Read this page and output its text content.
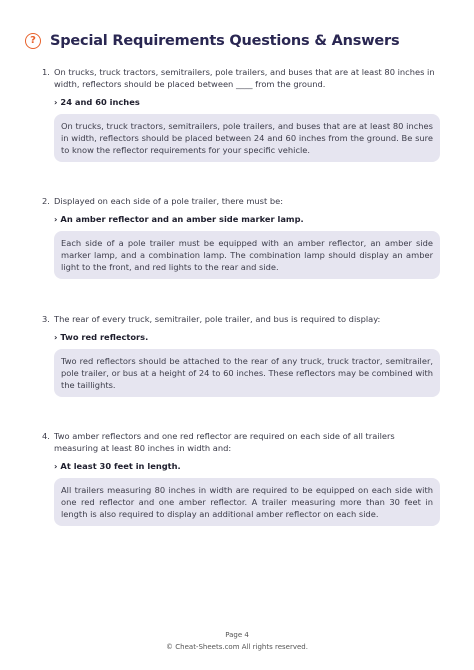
? Special Requirements Questions & Answers
1. On trucks, truck tractors, semitrailers, pole trailers, and buses that are at least 80 inches in width, reflectors should be placed between ____ from the ground.
› 24 and 60 inches
On trucks, truck tractors, semitrailers, pole trailers, and buses that are at least 80 inches in width, reflectors should be placed between 24 and 60 inches from the ground. Be sure to know the reflector requirements for your specific vehicle.
2. Displayed on each side of a pole trailer, there must be:
› An amber reflector and an amber side marker lamp.
Each side of a pole trailer must be equipped with an amber reflector, an amber side marker lamp, and a combination lamp. The combination lamp should display an amber light to the front, and red lights to the rear and side.
3. The rear of every truck, semitrailer, pole trailer, and bus is required to display:
› Two red reflectors.
Two red reflectors should be attached to the rear of any truck, truck tractor, semitrailer, pole trailer, or bus at a height of 24 to 60 inches. These reflectors may be combined with the taillights.
4. Two amber reflectors and one red reflector are required on each side of all trailers measuring at least 80 inches in width and:
› At least 30 feet in length.
All trailers measuring 80 inches in width are required to be equipped on each side with one red reflector and one amber reflector. A trailer measuring more than 30 feet in length is also required to display an additional amber reflector on each side.
Page 4
© Cheat-Sheets.com All rights reserved.
